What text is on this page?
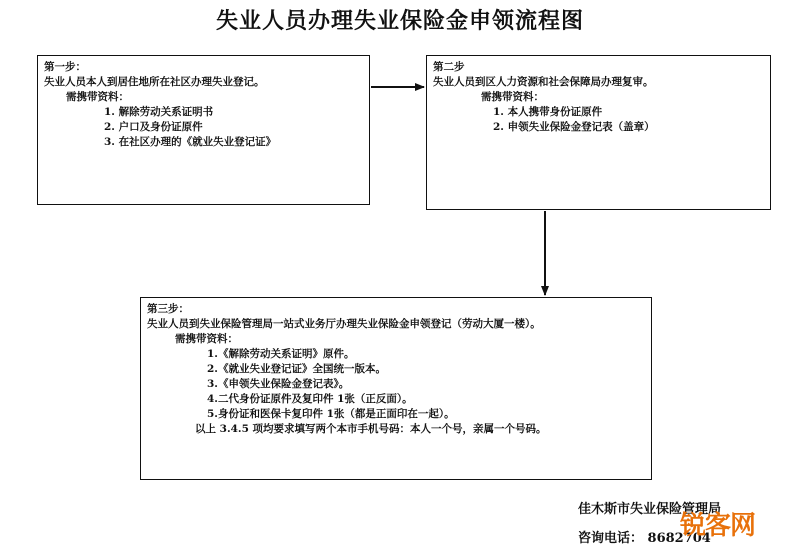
失业人员办理失业保险金申领流程图
第一步：
失业人员本人到居住地所在社区办理失业登记。
需携带资料：
1. 解除劳动关系证明书
2. 户口及身份证原件
3. 在社区办理的《就业失业登记证》
第二步
失业人员到区人力资源和社会保障局办理复审。
需携带资料：
1. 本人携带身份证原件
2. 申领失业保险金登记表（盖章）
第三步：
失业人员到失业保险管理局一站式业务厅办理失业保险金申领登记（劳动大厦一楼）。
需携带资料：
1.《解除劳动关系证明》原件。
2.《就业失业登记证》全国统一版本。
3.《申领失业保险金登记表》。
4.二代身份证原件及复印件 1张（正反面）。
5.身份证和医保卡复印件 1张（都是正面印在一起）。
以上 3.4.5 项均要求填写两个本市手机号码：本人一个号，亲属一个号码。
佳木斯市失业保险管理局
咨询电话： 8682704
锐客网
